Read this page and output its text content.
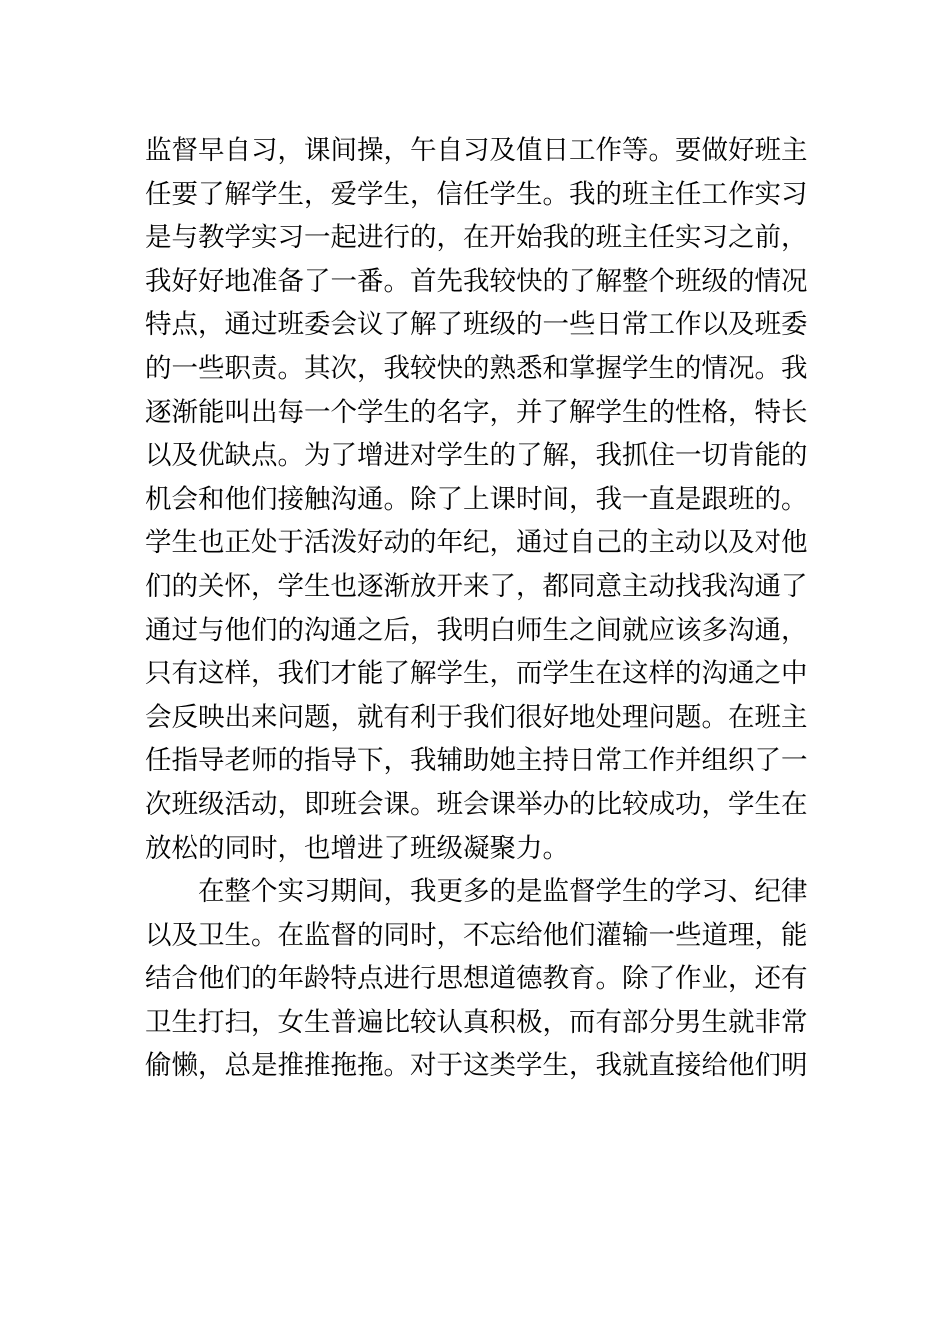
监督早自习，课间操，午自习及值日工作等。要做好班主
任要了解学生，爱学生，信任学生。我的班主任工作实习
是与教学实习一起进行的，在开始我的班主任实习之前，
我好好地准备了一番。首先我较快的了解整个班级的情况
特点，通过班委会议了解了班级的一些日常工作以及班委
的一些职责。其次，我较快的熟悉和掌握学生的情况。我
逐渐能叫出每一个学生的名字，并了解学生的性格，特长
以及优缺点。为了增进对学生的了解，我抓住一切肯能的
机会和他们接触沟通。除了上课时间，我一直是跟班的。
学生也正处于活泼好动的年纪，通过自己的主动以及对他
们的关怀，学生也逐渐放开来了，都同意主动找我沟通了
通过与他们的沟通之后，我明白师生之间就应该多沟通，
只有这样，我们才能了解学生，而学生在这样的沟通之中
会反映出来问题，就有利于我们很好地处理问题。在班主
任指导老师的指导下，我辅助她主持日常工作并组织了一
次班级活动，即班会课。班会课举办的比较成功，学生在
放松的同时，也增进了班级凝聚力。
在整个实习期间，我更多的是监督学生的学习、纪律
以及卫生。在监督的同时，不忘给他们灌输一些道理，能
结合他们的年龄特点进行思想道德教育。除了作业，还有
卫生打扫，女生普遍比较认真积极，而有部分男生就非常
偷懒，总是推推拖拖。对于这类学生，我就直接给他们明
